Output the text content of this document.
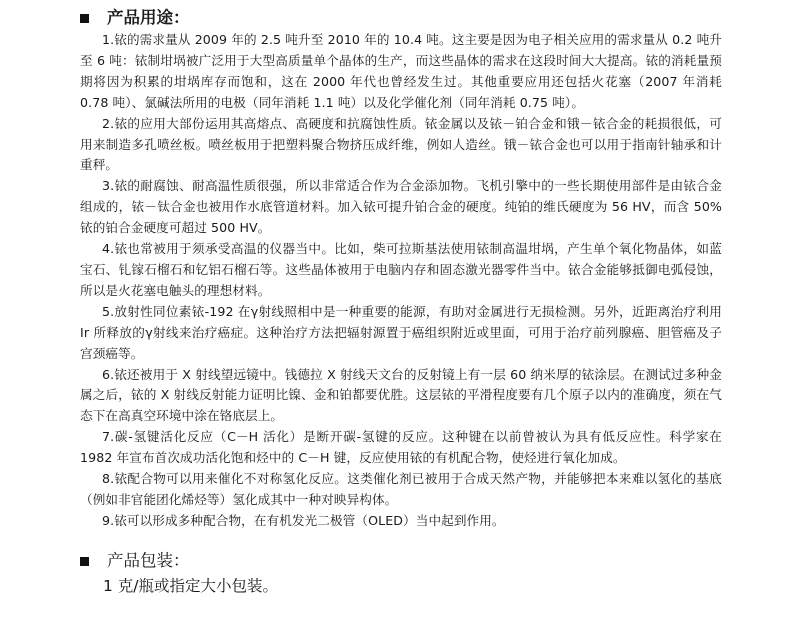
产品用途：

1.铱的需求量从 2009 年的 2.5 吨升至 2010 年的 10.4 吨。这主要是因为电子相关应用的需求量从 0.2 吨升至 6 吨：铱制坩埚被广泛用于大型高质量单个晶体的生产，而这些晶体的需求在这段时间大大提高。铱的消耗量预期将因为积累的坩埚库存而饱和，这在 2000 年代也曾经发生过。其他重要应用还包括火花塞（2007 年消耗 0.78 吨）、氯碱法所用的电极（同年消耗 1.1 吨）以及化学催化剂（同年消耗 0.75 吨）。

2.铱的应用大部份运用其高熔点、高硬度和抗腐蚀性质。铱金属以及铱－铂合金和锇－铱合金的耗损很低，可用来制造多孔喷丝板。喷丝板用于把塑料聚合物挤压成纤维，例如人造丝。锇－铱合金也可以用于指南针轴承和计重秤。

3.铱的耐腐蚀、耐高温性质很强，所以非常适合作为合金添加物。飞机引擎中的一些长期使用部件是由铱合金组成的，铱－钛合金也被用作水底管道材料。加入铱可提升铂合金的硬度。纯铂的维氏硬度为 56 HV，而含 50%铱的铂合金硬度可超过 500 HV。

4.铱也常被用于须承受高温的仪器当中。比如，柴可拉斯基法使用铱制高温坩埚，产生单个氧化物晶体，如蓝宝石、钆镓石榴石和钇铝石榴石等。这些晶体被用于电脑内存和固态激光器零件当中。铱合金能够抵御电弧侵蚀，所以是火花塞电触头的理想材料。

5.放射性同位素铱-192 在γ射线照相中是一种重要的能源，有助对金属进行无损检测。另外，近距离治疗利用 Ir 所释放的γ射线来治疗癌症。这种治疗方法把辐射源置于癌组织附近或里面，可用于治疗前列腺癌、胆管癌及子宫颈癌等。

6.铱还被用于 X 射线望远镜中。钱德拉 X 射线天文台的反射镜上有一层 60 纳米厚的铱涂层。在测试过多种金属之后，铱的 X 射线反射能力证明比镍、金和铂都要优胜。这层铱的平滑程度要有几个原子以内的准确度，须在气态下在高真空环境中涂在铬底层上。

7.碳-氢键活化反应（C－H 活化）是断开碳-氢键的反应。这种键在以前曾被认为具有低反应性。科学家在 1982 年宣布首次成功活化饱和烃中的 C－H 键，反应使用铱的有机配合物，使烃进行氧化加成。

8.铱配合物可以用来催化不对称氢化反应。这类催化剂已被用于合成天然产物，并能够把本来难以氢化的基底（例如非官能团化烯烃等）氢化成其中一种对映异构体。

9.铱可以形成多种配合物，在有机发光二极管（OLED）当中起到作用。

产品包装：
1 克/瓶或指定大小包装。
